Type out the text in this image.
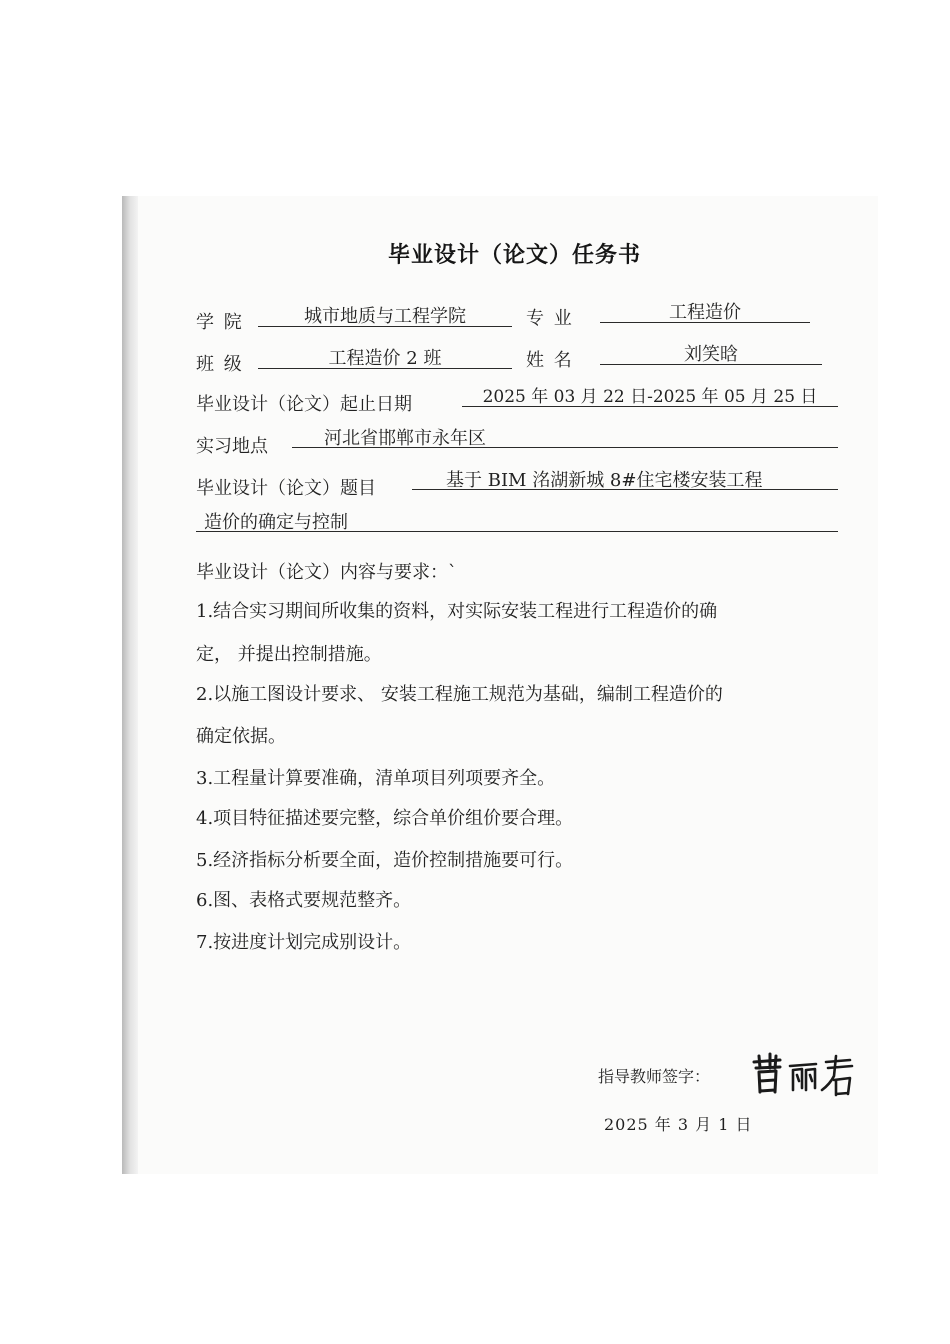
毕业设计（论文）任务书
学 院	城市地质与工程学院	专 业	工程造价
班 级	工程造价 2 班	姓 名	刘笑晗
毕业设计（论文）起止日期	2025 年 03 月 22 日-2025 年 05 月 25 日
实习地点	河北省邯郸市永年区
毕业设计（论文）题目	基于 BIM 洺湖新城 8#住宅楼安装工程
造价的确定与控制
毕业设计（论文）内容与要求：`
1.结合实习期间所收集的资料，对实际安装工程进行工程造价的确
定， 并提出控制措施。
2.以施工图设计要求、 安装工程施工规范为基础，编制工程造价的
确定依据。
3.工程量计算要准确，清单项目列项要齐全。
4.项目特征描述要完整，综合单价组价要合理。
5.经济指标分析要全面，造价控制措施要可行。
6.图、表格式要规范整齐。
7.按进度计划完成别设计。
指导教师签字：
2025 年 3 月 1 日
